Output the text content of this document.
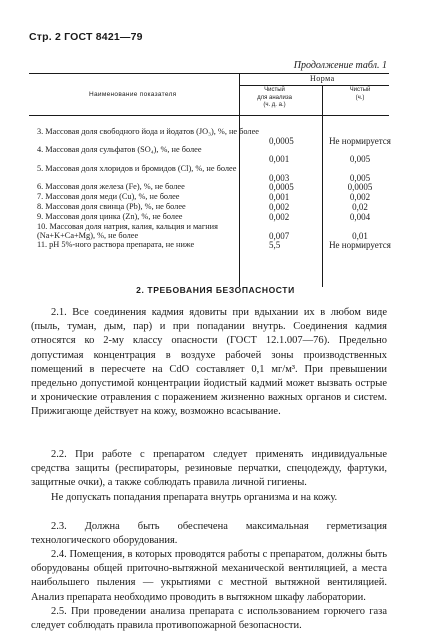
Стр. 2 ГОСТ 8421—79
Продолжение табл. 1
Наименование показателя
Норма
Чистый
для анализа
(ч. д. а.)
Чистый
(ч.)
3. Массовая доля свободного йода и йодатов (JO₃), %, не более
0,0005	Не нормируется
4. Массовая доля сульфатов (SO₄), %, не более
0,001	0,005
5. Массовая доля хлоридов и бромидов (Cl), %, не более
0,003	0,005
6. Массовая доля железа (Fe), %, не более	0,0005	0,0005
7. Массовая доля меди (Cu), %, не более	0,001	0,002
8. Массовая доля свинца (Pb), %, не более	0,002	0,02
9. Массовая доля цинка (Zn), %, не более	0,002	0,004
10. Массовая доля натрия, калия, кальция и магния (Na+K+Ca+Mg), %, не более	0,007	0,01
11. pH 5%-ного раствора препарата, не ниже	5,5	Не нормируется
2. ТРЕБОВАНИЯ БЕЗОПАСНОСТИ

2.1. Все соединения кадмия ядовиты при вдыхании их в любом виде (пыль, туман, дым, пар) и при попадании внутрь. Соединения кадмия относятся ко 2-му классу опасности (ГОСТ 12.1.007—76). Предельно допустимая концентрация в воздухе рабочей зоны производственных помещений в пересчете на CdO составляет 0,1 мг/м³. При превышении предельно допустимой концентрации йодистый кадмий может вызвать острые и хронические отравления с поражением жизненно важных органов и систем. Прижигающе действует на кожу, возможно всасывание.

2.2. При работе с препаратом следует применять индивидуальные средства защиты (респираторы, резиновые перчатки, спецодежду, фартуки, защитные очки), а также соблюдать правила личной гигиены.

Не допускать попадания препарата внутрь организма и на кожу.

2.3. Должна быть обеспечена максимальная герметизация технологического оборудования.

2.4. Помещения, в которых проводятся работы с препаратом, должны быть оборудованы общей приточно-вытяжной механической вентиляцией, а места наибольшего пыления — укрытиями с местной вытяжной вентиляцией. Анализ препарата необходимо проводить в вытяжном шкафу лаборатории.

2.5. При проведении анализа препарата с использованием горючего газа следует соблюдать правила противопожарной безопасности.
